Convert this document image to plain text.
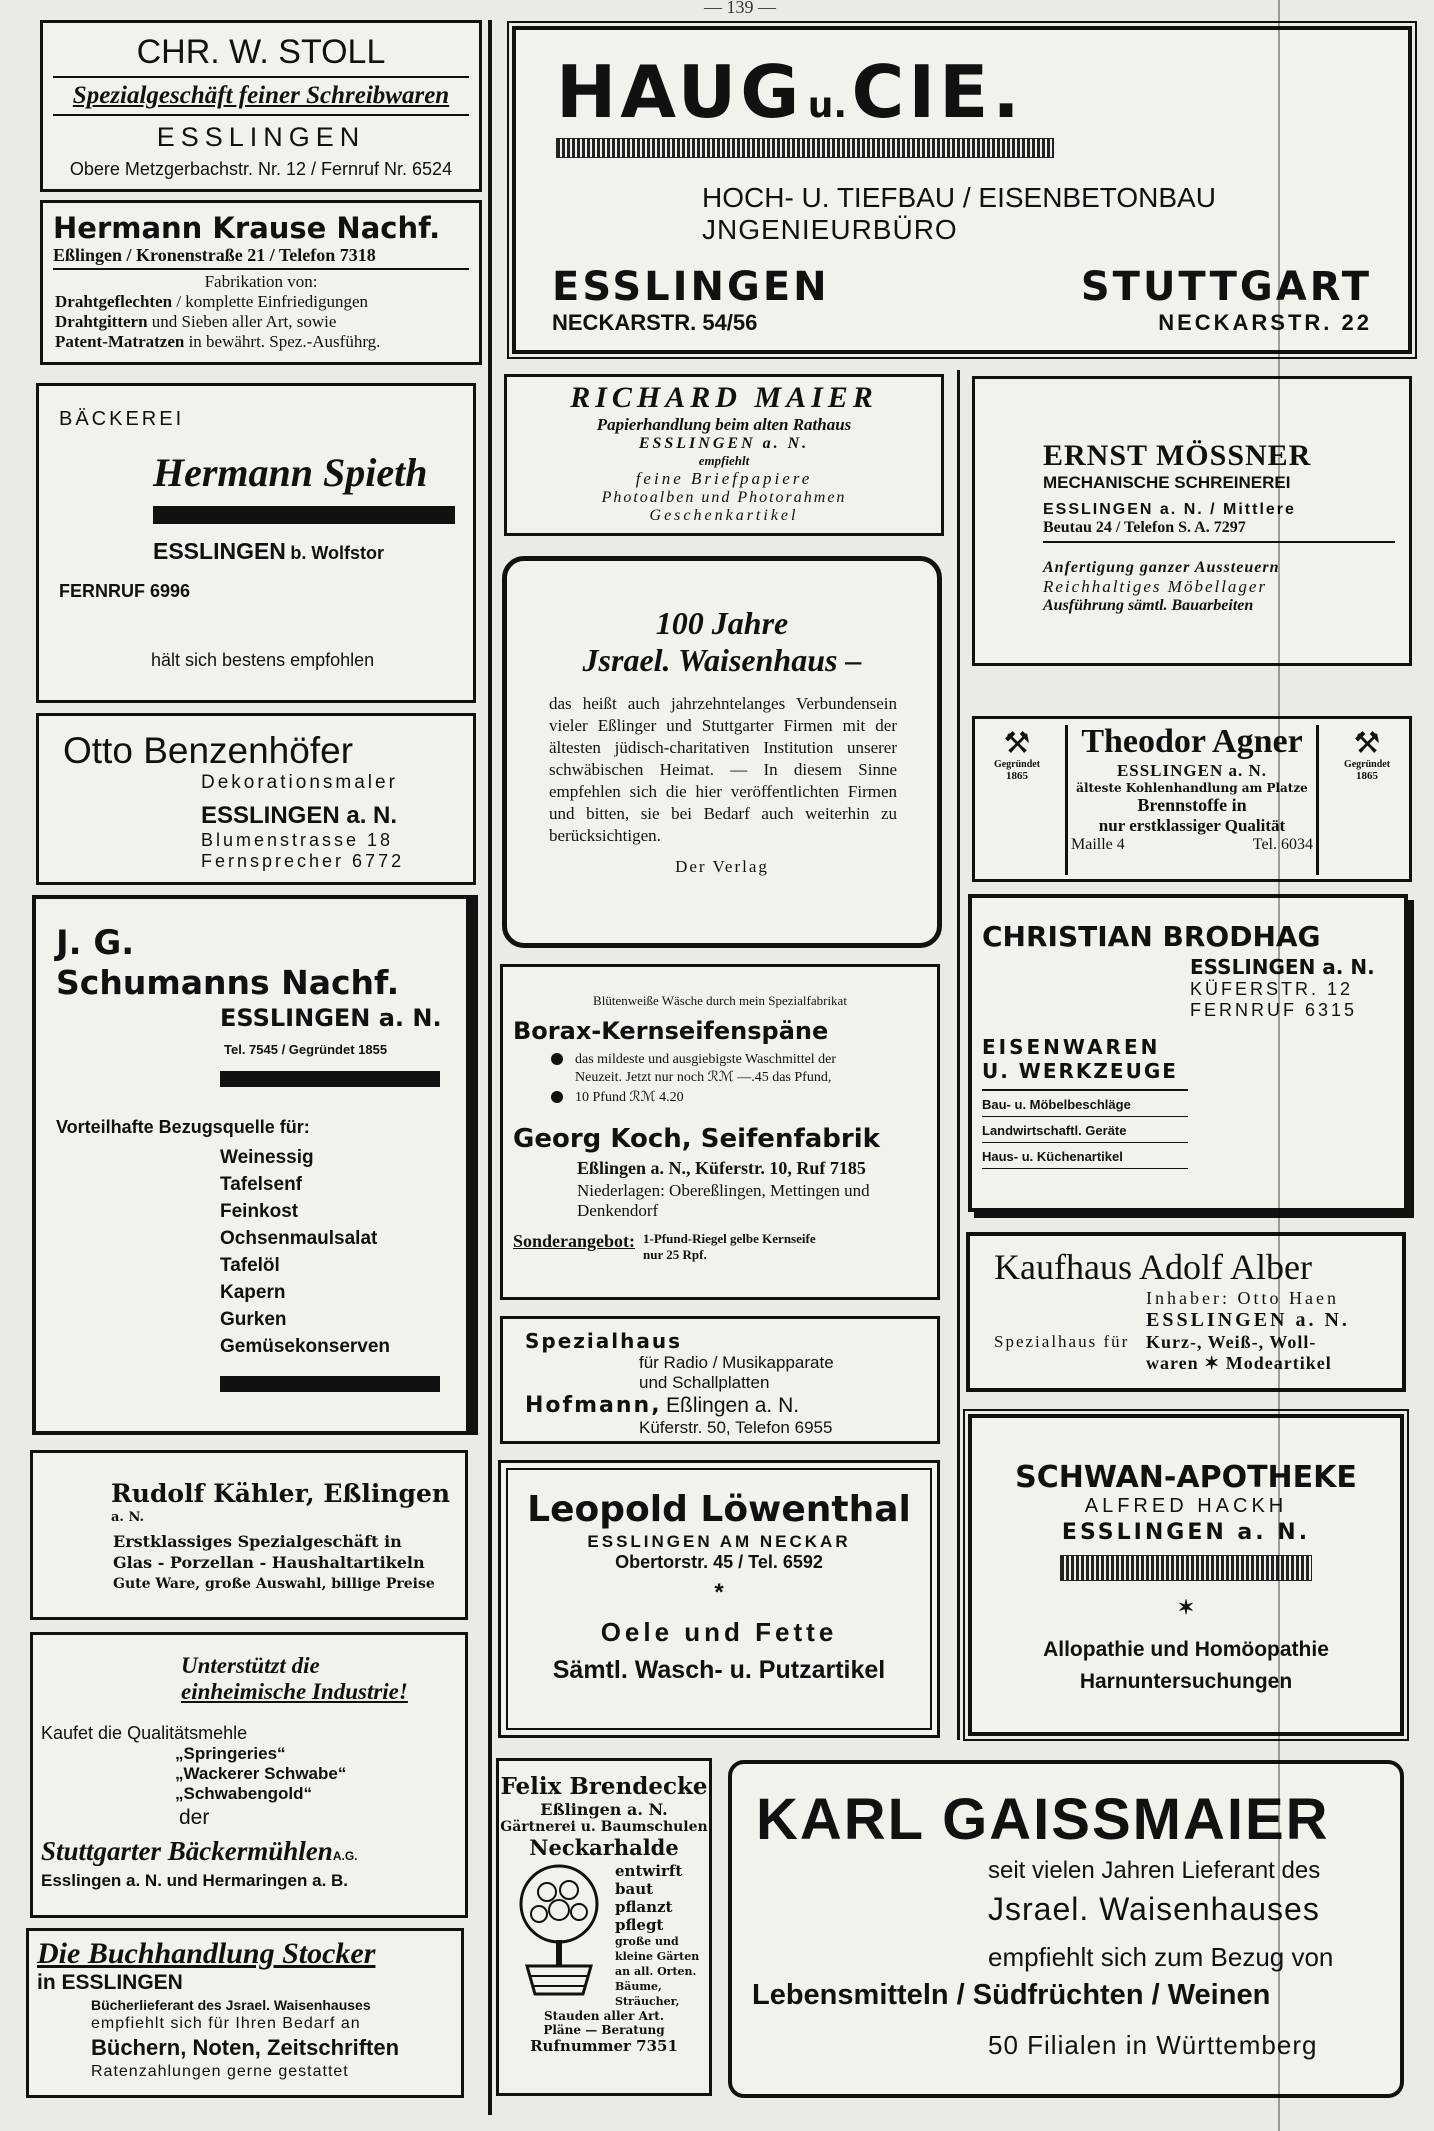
— 139 —
CHR. W. STOLL
Spezialgeschäft feiner Schreibwaren
ESSLINGEN
Obere Metzgerbachstr. Nr. 12 / Fernruf Nr. 6524
Hermann Krause Nachf.
Eßlingen / Kronenstraße 21 / Telefon 7318
Fabrikation von:
Drahtgeflechten / komplette Einfriedigungen
Drahtgittern und Sieben aller Art, sowie
Patent-Matratzen in bewährt. Spez.-Ausführg.
BÄCKEREI
Hermann Spieth
ESSLINGEN b. Wolfstor
FERNRUF 6996
hält sich bestens empfohlen
Otto Benzenhöfer
Dekorationsmaler
ESSLINGEN a. N.
Blumenstrasse 18
Fernsprecher 6772
J. G.
Schumanns Nachf.
ESSLINGEN a. N.
Tel. 7545 / Gegründet 1855
Vorteilhafte Bezugsquelle für:
Weinessig
Tafelsenf
Feinkost
Ochsenmaulsalat
Tafelöl
Kapern
Gurken
Gemüsekonserven
Rudolf Kähler, Eßlingen a. N.
Erstklassiges Spezialgeschäft in
Glas - Porzellan - Haushaltartikeln
Gute Ware, große Auswahl, billige Preise
Unterstützt die
einheimische Industrie!
Kaufet die Qualitätsmehle
„Springeries“
„Wackerer Schwabe“
„Schwabengold“
der
Stuttgarter BäckermühlenA.G.
Esslingen a. N. und Hermaringen a. B.
Die Buchhandlung Stocker
in ESSLINGEN
Bücherlieferant des Jsrael. Waisenhauses
empfiehlt sich für Ihren Bedarf an
Büchern, Noten, Zeitschriften
Ratenzahlungen gerne gestattet
HAUG u. CIE.
HOCH- U. TIEFBAU / EISENBETONBAU
JNGENIEURBÜRO
ESSLINGEN
NECKARSTR. 54/56
STUTTGART
NECKARSTR. 22
RICHARD MAIER
Papierhandlung beim alten Rathaus
ESSLINGEN a. N.
empfiehlt
feine Briefpapiere
Photoalben und Photorahmen
Geschenkartikel
100 Jahre
Jsrael. Waisenhaus –
das heißt auch jahrzehntelanges Verbundensein vieler Eßlinger und Stuttgarter Firmen mit der ältesten jüdisch-charitativen Institution unserer schwäbischen Heimat. — In diesem Sinne empfehlen sich die hier veröffentlichten Firmen und bitten, sie bei Bedarf auch weiterhin zu berücksichtigen.
Der Verlag
Blütenweiße Wäsche durch mein Spezialfabrikat
Borax-Kernseifenspäne
das mildeste und ausgiebigste Waschmittel der
Neuzeit. Jetzt nur noch ℛℳ —.45 das Pfund,
10 Pfund ℛℳ 4.20
Georg Koch, Seifenfabrik
Eßlingen a. N., Küferstr. 10, Ruf 7185
Niederlagen: Obereßlingen, Mettingen und Denkendorf
Sonderangebot: 1-Pfund-Riegel gelbe Kernseife
nur 25 Rpf.
Spezialhaus
für Radio / Musikapparate
und Schallplatten
Hofmann, Eßlingen a. N.
Küferstr. 50, Telefon 6955
Leopold Löwenthal
ESSLINGEN AM NECKAR
Obertorstr. 45 / Tel. 6592
*
Oele und Fette
Sämtl. Wasch- u. Putzartikel
Felix Brendecke
Eßlingen a. N.
Gärtnerei u. Baumschulen
Neckarhalde
entwirft
baut
pflanzt
pflegt
große und
kleine Gärten
an all. Orten.
Bäume,
Sträucher,
Stauden aller Art.
Pläne — Beratung
Rufnummer 7351
ERNST MÖSSNER
MECHANISCHE SCHREINEREI
ESSLINGEN a. N. / Mittlere
Beutau 24 / Telefon S. A. 7297
Anfertigung ganzer Aussteuern
Reichhaltiges Möbellager
Ausführung sämtl. Bauarbeiten
⚒
Gegründet
1865
⚒
Gegründet
1865
Theodor Agner
ESSLINGEN a. N.
älteste Kohlenhandlung am Platze
Brennstoffe in
nur erstklassiger Qualität
Maille 4	Tel. 6034
CHRISTIAN BRODHAG
ESSLINGEN a. N.
KÜFERSTR. 12
FERNRUF 6315
EISENWAREN
U. WERKZEUGE
Bau- u. Möbelbeschläge
Landwirtschaftl. Geräte
Haus- u. Küchenartikel
Kaufhaus Adolf Alber
Inhaber: Otto Haen
ESSLINGEN a. N.
Spezialhaus für Kurz-, Weiß-, Woll-
waren ✶ Modeartikel
SCHWAN-APOTHEKE
ALFRED HACKH
ESSLINGEN a. N.
✶
Allopathie und Homöopathie
Harnuntersuchungen
KARL GAISSMAIER
seit vielen Jahren Lieferant des
Jsrael. Waisenhauses
empfiehlt sich zum Bezug von
Lebensmitteln / Südfrüchten / Weinen
50 Filialen in Württemberg
